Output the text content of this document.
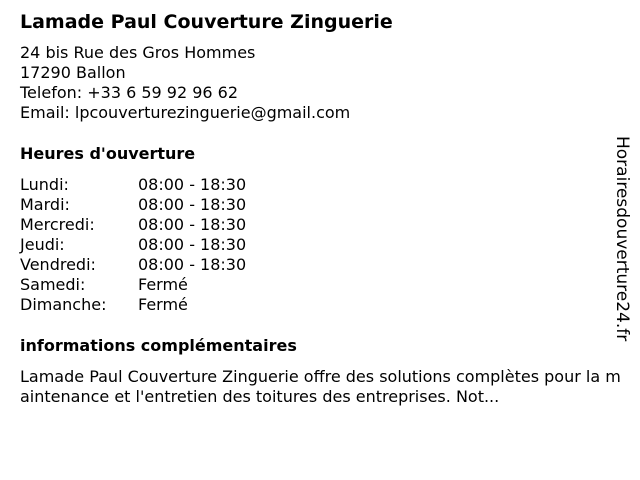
Lamade Paul Couverture Zinguerie
24 bis Rue des Gros Hommes
17290 Ballon
Telefon: +33 6 59 92 96 62
Email: lpcouverturezinguerie@gmail.com
Heures d'ouverture
Lundi:	08:00 - 18:30
Mardi:	08:00 - 18:30
Mercredi:	08:00 - 18:30
Jeudi:	08:00 - 18:30
Vendredi:	08:00 - 18:30
Samedi:	Fermé
Dimanche:	Fermé
informations complémentaires
Lamade Paul Couverture Zinguerie offre des solutions complètes pour la maintenance et l'entretien des toitures des entreprises. Not...
Horairesdouverture24.fr
